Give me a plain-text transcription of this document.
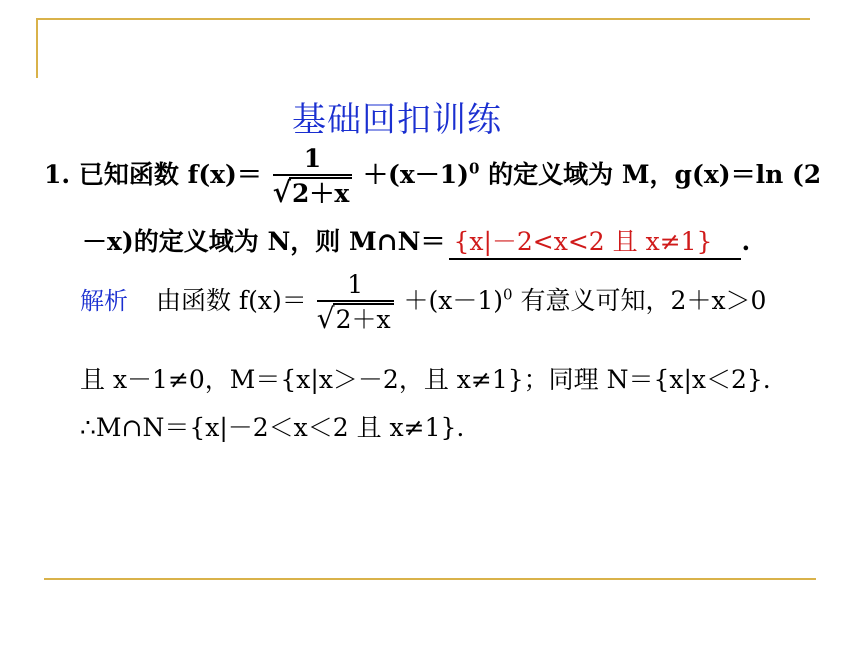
基础回扣训练
1. 已知函数 $f(x)= \frac{1}{√2+x} +(x-1)^0$ 的定义域为 M，g(x)＝ln (2
－x)的定义域为 N，则 M∩N＝ {x|－2<x<2 且 x≠1} .
解析 由函数 $f(x)= \frac{1}{√2+x} +(x-1)^0$ 有意义可知，2＋x＞0
且 x－1≠0，M＝{x|x＞－2，且 x≠1}；同理 N＝{x|x＜2}.
∴M∩N＝{x|－2＜x＜2 且 x≠1}.
